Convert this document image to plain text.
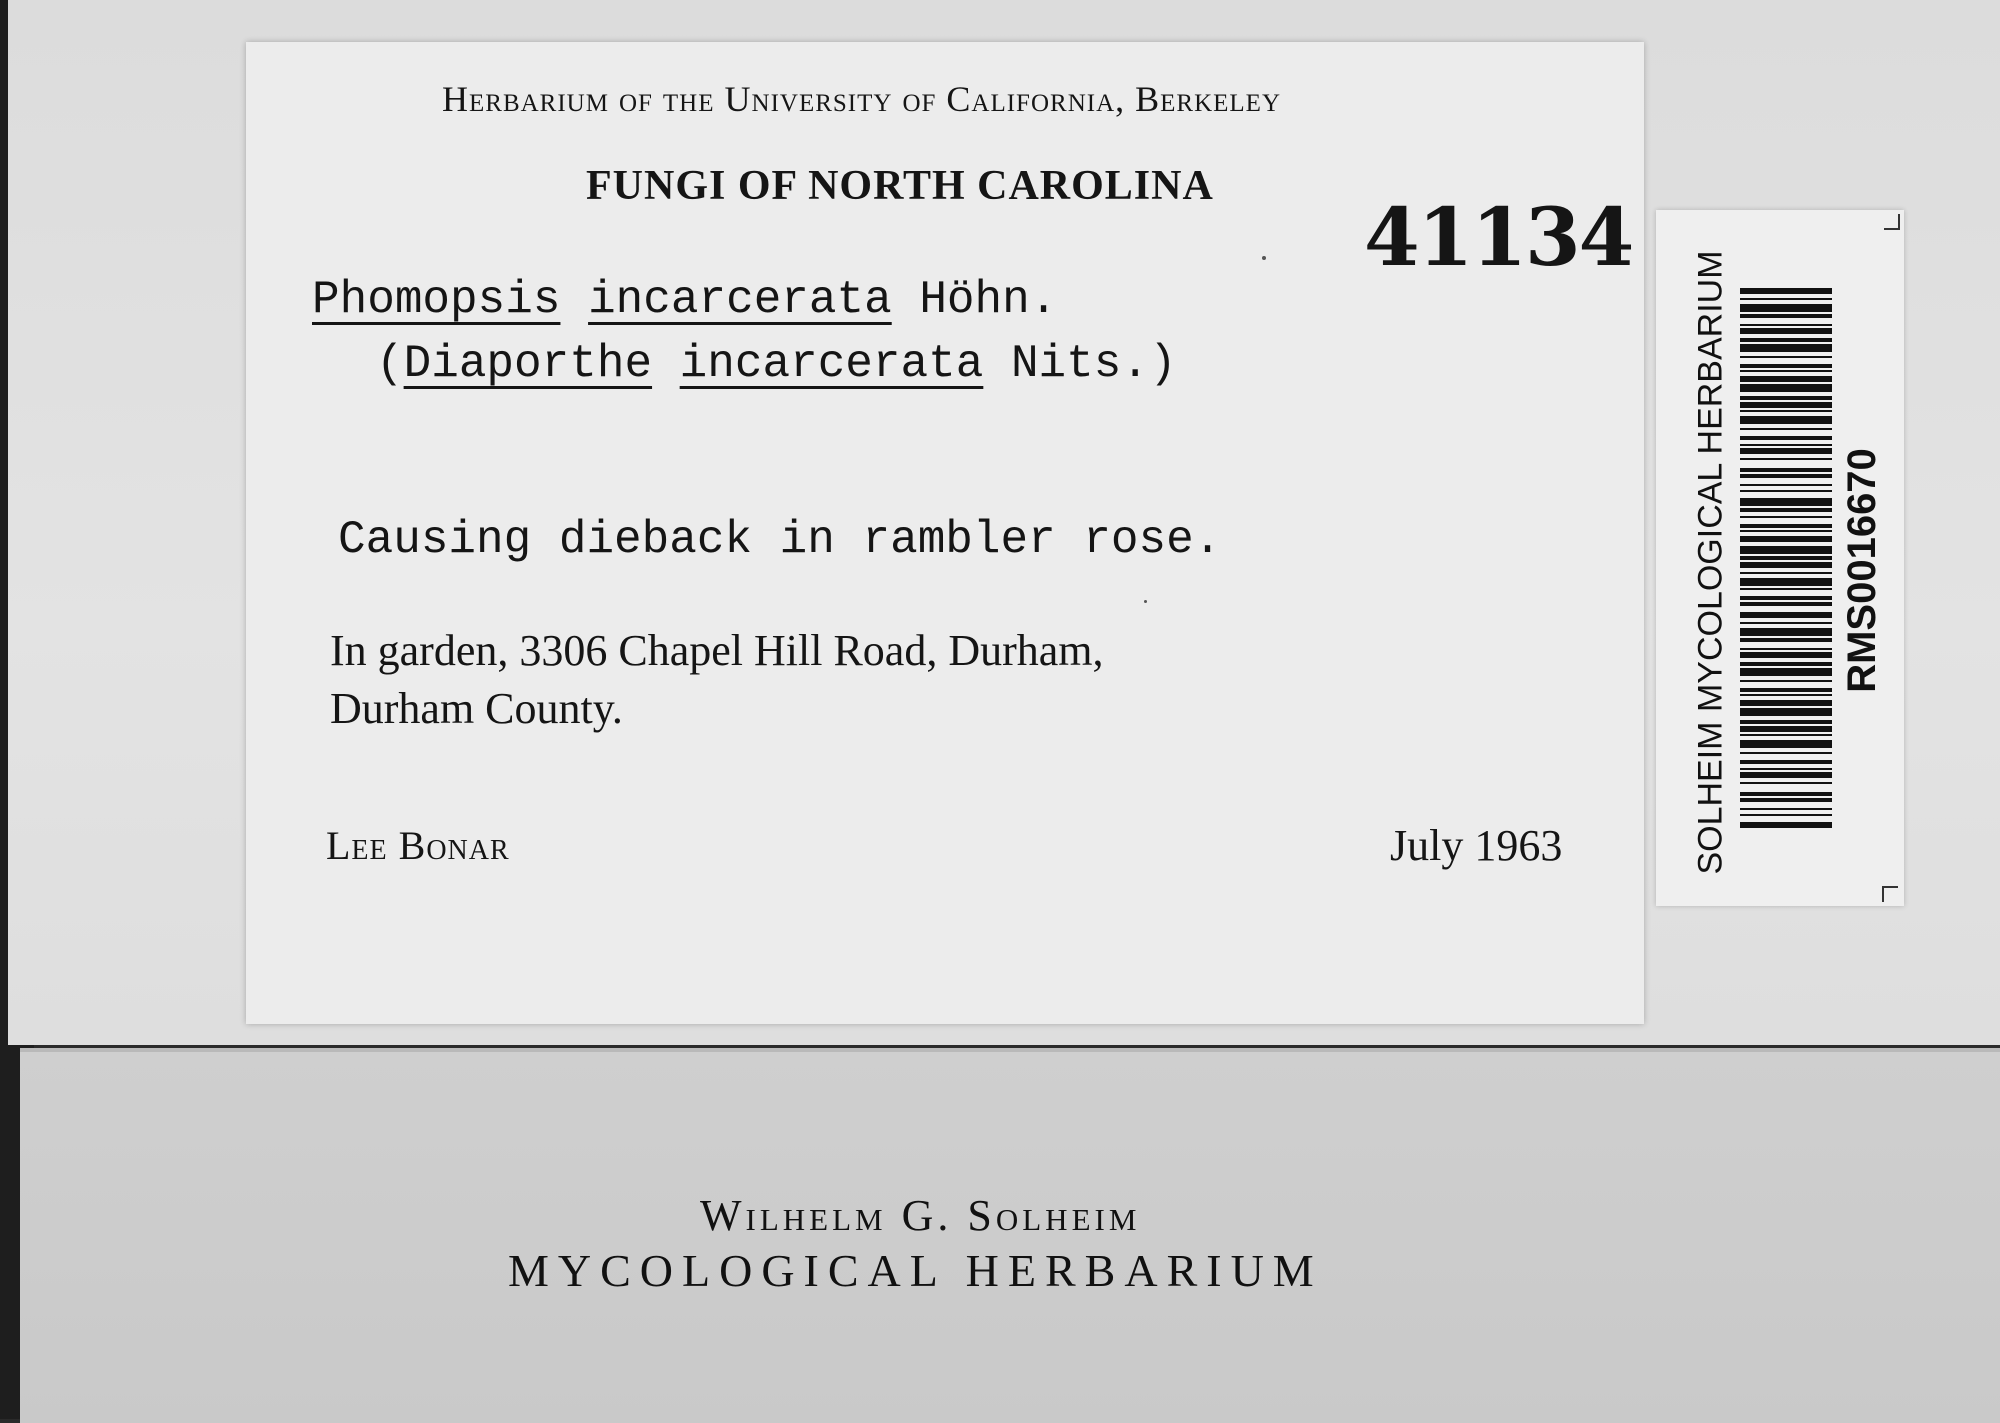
Herbarium of the University of California, Berkeley
FUNGI OF NORTH CAROLINA
41134
Phomopsis incarcerata Höhn.
(Diaporthe incarcerata Nits.)
Causing dieback in rambler rose.
In garden, 3306 Chapel Hill Road, Durham,
Durham County.
Lee Bonar	July 1963	SOLHEIM MYCOLOGICAL HERBARIUM	RMS0016670
Wilhelm G. Solheim
MYCOLOGICAL HERBARIUM
